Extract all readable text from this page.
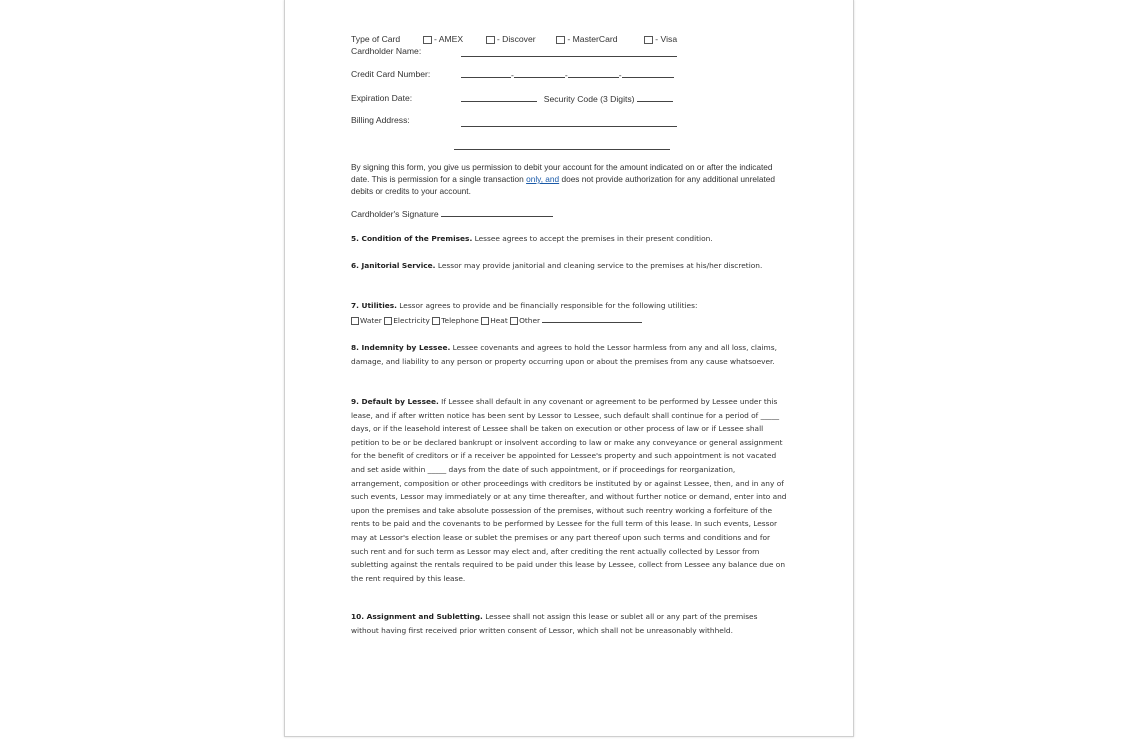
Type of Card	- AMEX	- Discover	- MasterCard	- Visa
Cardholder Name:
Credit Card Number:	-	-	-
Expiration Date:	Security Code (3 Digits)
Billing Address:
By signing this form, you give us permission to debit your account for the amount indicated on or after the indicated date. This is permission for a single transaction only, and does not provide authorization for any additional unrelated debits or credits to your account.
Cardholder's Signature
5. Condition of the Premises. Lessee agrees to accept the premises in their present condition.
6. Janitorial Service. Lessor may provide janitorial and cleaning service to the premises at his/her discretion.
7. Utilities. Lessor agrees to provide and be financially responsible for the following utilities:
Water Electricity Telephone Heat Other
8. Indemnity by Lessee. Lessee covenants and agrees to hold the Lessor harmless from any and all loss, claims, damage, and liability to any person or property occurring upon or about the premises from any cause whatsoever.
9. Default by Lessee. If Lessee shall default in any covenant or agreement to be performed by Lessee under this lease, and if after written notice has been sent by Lessor to Lessee, such default shall continue for a period of _____ days, or if the leasehold interest of Lessee shall be taken on execution or other process of law or if Lessee shall petition to be or be declared bankrupt or insolvent according to law or make any conveyance or general assignment for the benefit of creditors or if a receiver be appointed for Lessee's property and such appointment is not vacated and set aside within _____ days from the date of such appointment, or if proceedings for reorganization, arrangement, composition or other proceedings with creditors be instituted by or against Lessee, then, and in any of such events, Lessor may immediately or at any time thereafter, and without further notice or demand, enter into and upon the premises and take absolute possession of the premises, without such reentry working a forfeiture of the rents to be paid and the covenants to be performed by Lessee for the full term of this lease. In such events, Lessor may at Lessor's election lease or sublet the premises or any part thereof upon such terms and conditions and for such rent and for such term as Lessor may elect and, after crediting the rent actually collected by Lessor from subletting against the rentals required to be paid under this lease by Lessee, collect from Lessee any balance due on the rent required by this lease.
10. Assignment and Subletting. Lessee shall not assign this lease or sublet all or any part of the premises without having first received prior written consent of Lessor, which shall not be unreasonably withheld.
